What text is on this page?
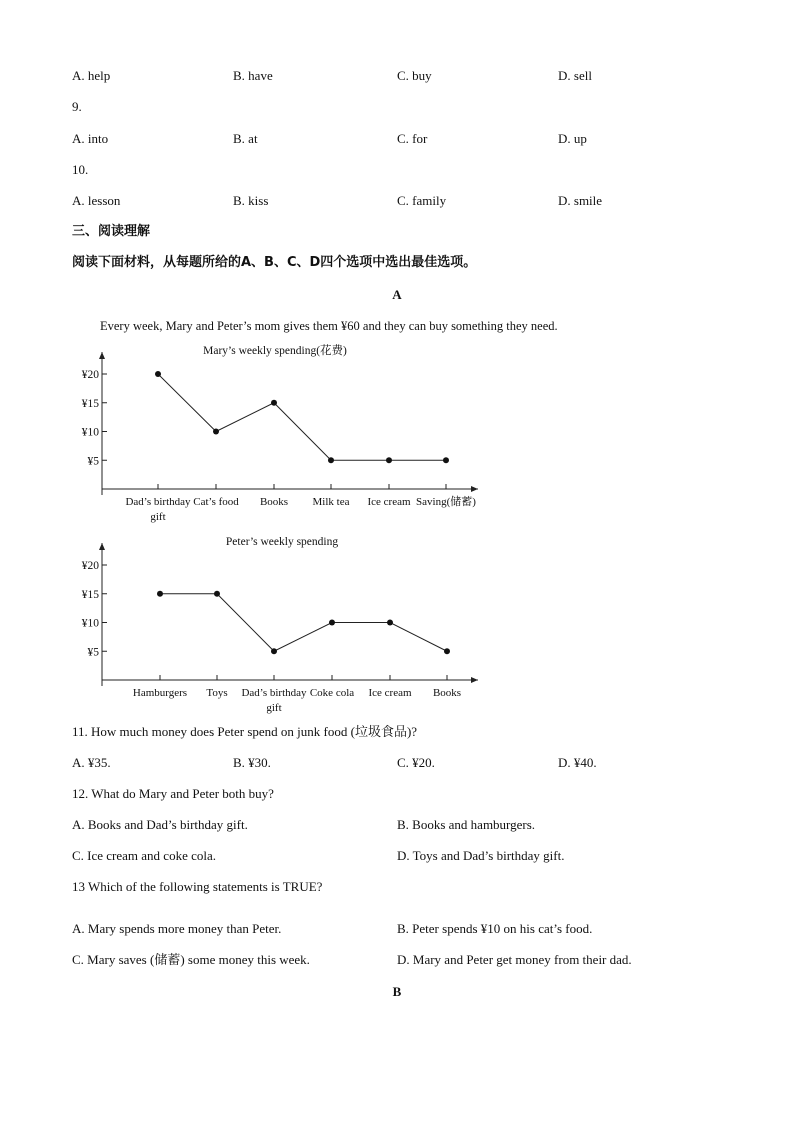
A. help	B. have	C. buy	D. sell
9.
A. into	B. at	C. for	D. up
10.
A. lesson	B. kiss	C. family	D. smile
三、阅读理解
阅读下面材料，从每题所给的A、B、C、D四个选项中选出最佳选项。
A
Every week, Mary and Peter’s mom gives them ¥60 and they can buy something they need.
Mary’s weekly spending(花费)
¥5
¥10
¥15
¥20
Dad’s birthday
gift
Cat’s food Books Milk tea Ice cream Saving(储蓄)
Peter’s weekly spending
¥5
¥10
¥15
¥20
Hamburgers Toys Dad’s birthday
gift
Coke cola Ice cream Books
11. How much money does Peter spend on junk food (垃圾食品)?
A. ¥35.	B. ¥30.	C. ¥20.	D. ¥40.
12. What do Mary and Peter both buy?
A. Books and Dad’s birthday gift.	B. Books and hamburgers.
C. Ice cream and coke cola.	D. Toys and Dad’s birthday gift.
13 Which of the following statements is TRUE?
A. Mary spends more money than Peter.	B. Peter spends ¥10 on his cat’s food.
C. Mary saves (储蓄) some money this week.	D. Mary and Peter get money from their dad.
B
